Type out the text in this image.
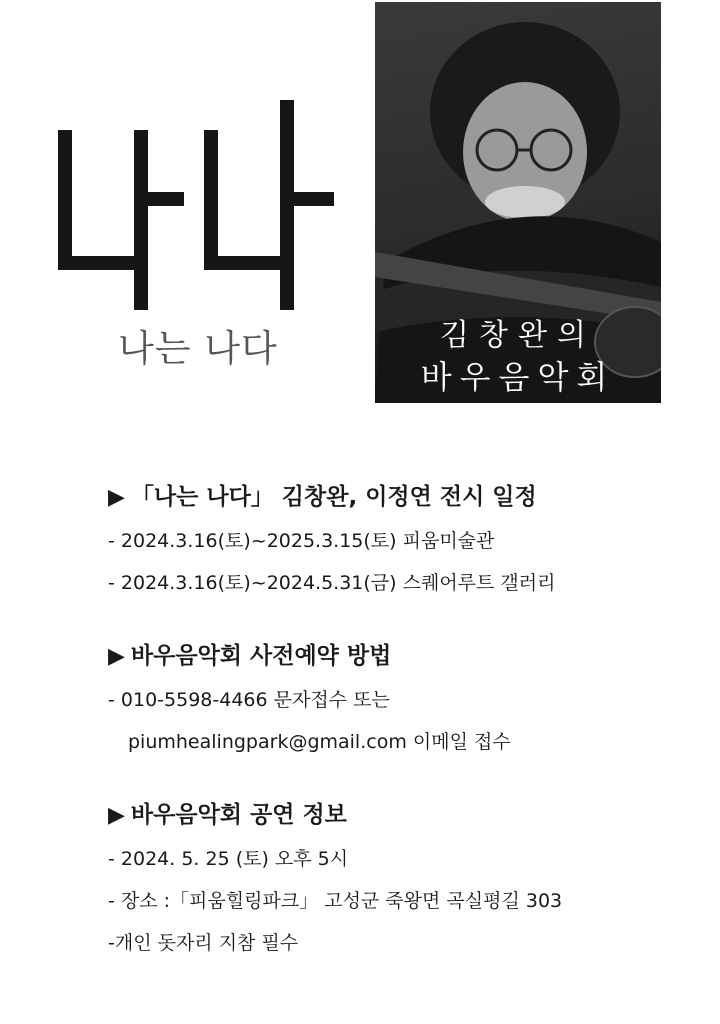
나는 나다	김창완의
바우음악회
▶ 「나는 나다」 김창완, 이정연 전시 일정
- 2024.3.16(토)~2025.3.15(토) 피움미술관
- 2024.3.16(토)~2024.5.31(금) 스퀘어루트 갤러리
▶ 바우음악회 사전예약 방법
- 010-5598-4466 문자접수 또는
piumhealingpark@gmail.com 이메일 접수
▶ 바우음악회 공연 정보
- 2024. 5. 25 (토) 오후 5시
- 장소 :「피움힐링파크」 고성군 죽왕면 곡실평길 303
-개인 돗자리 지참 필수
